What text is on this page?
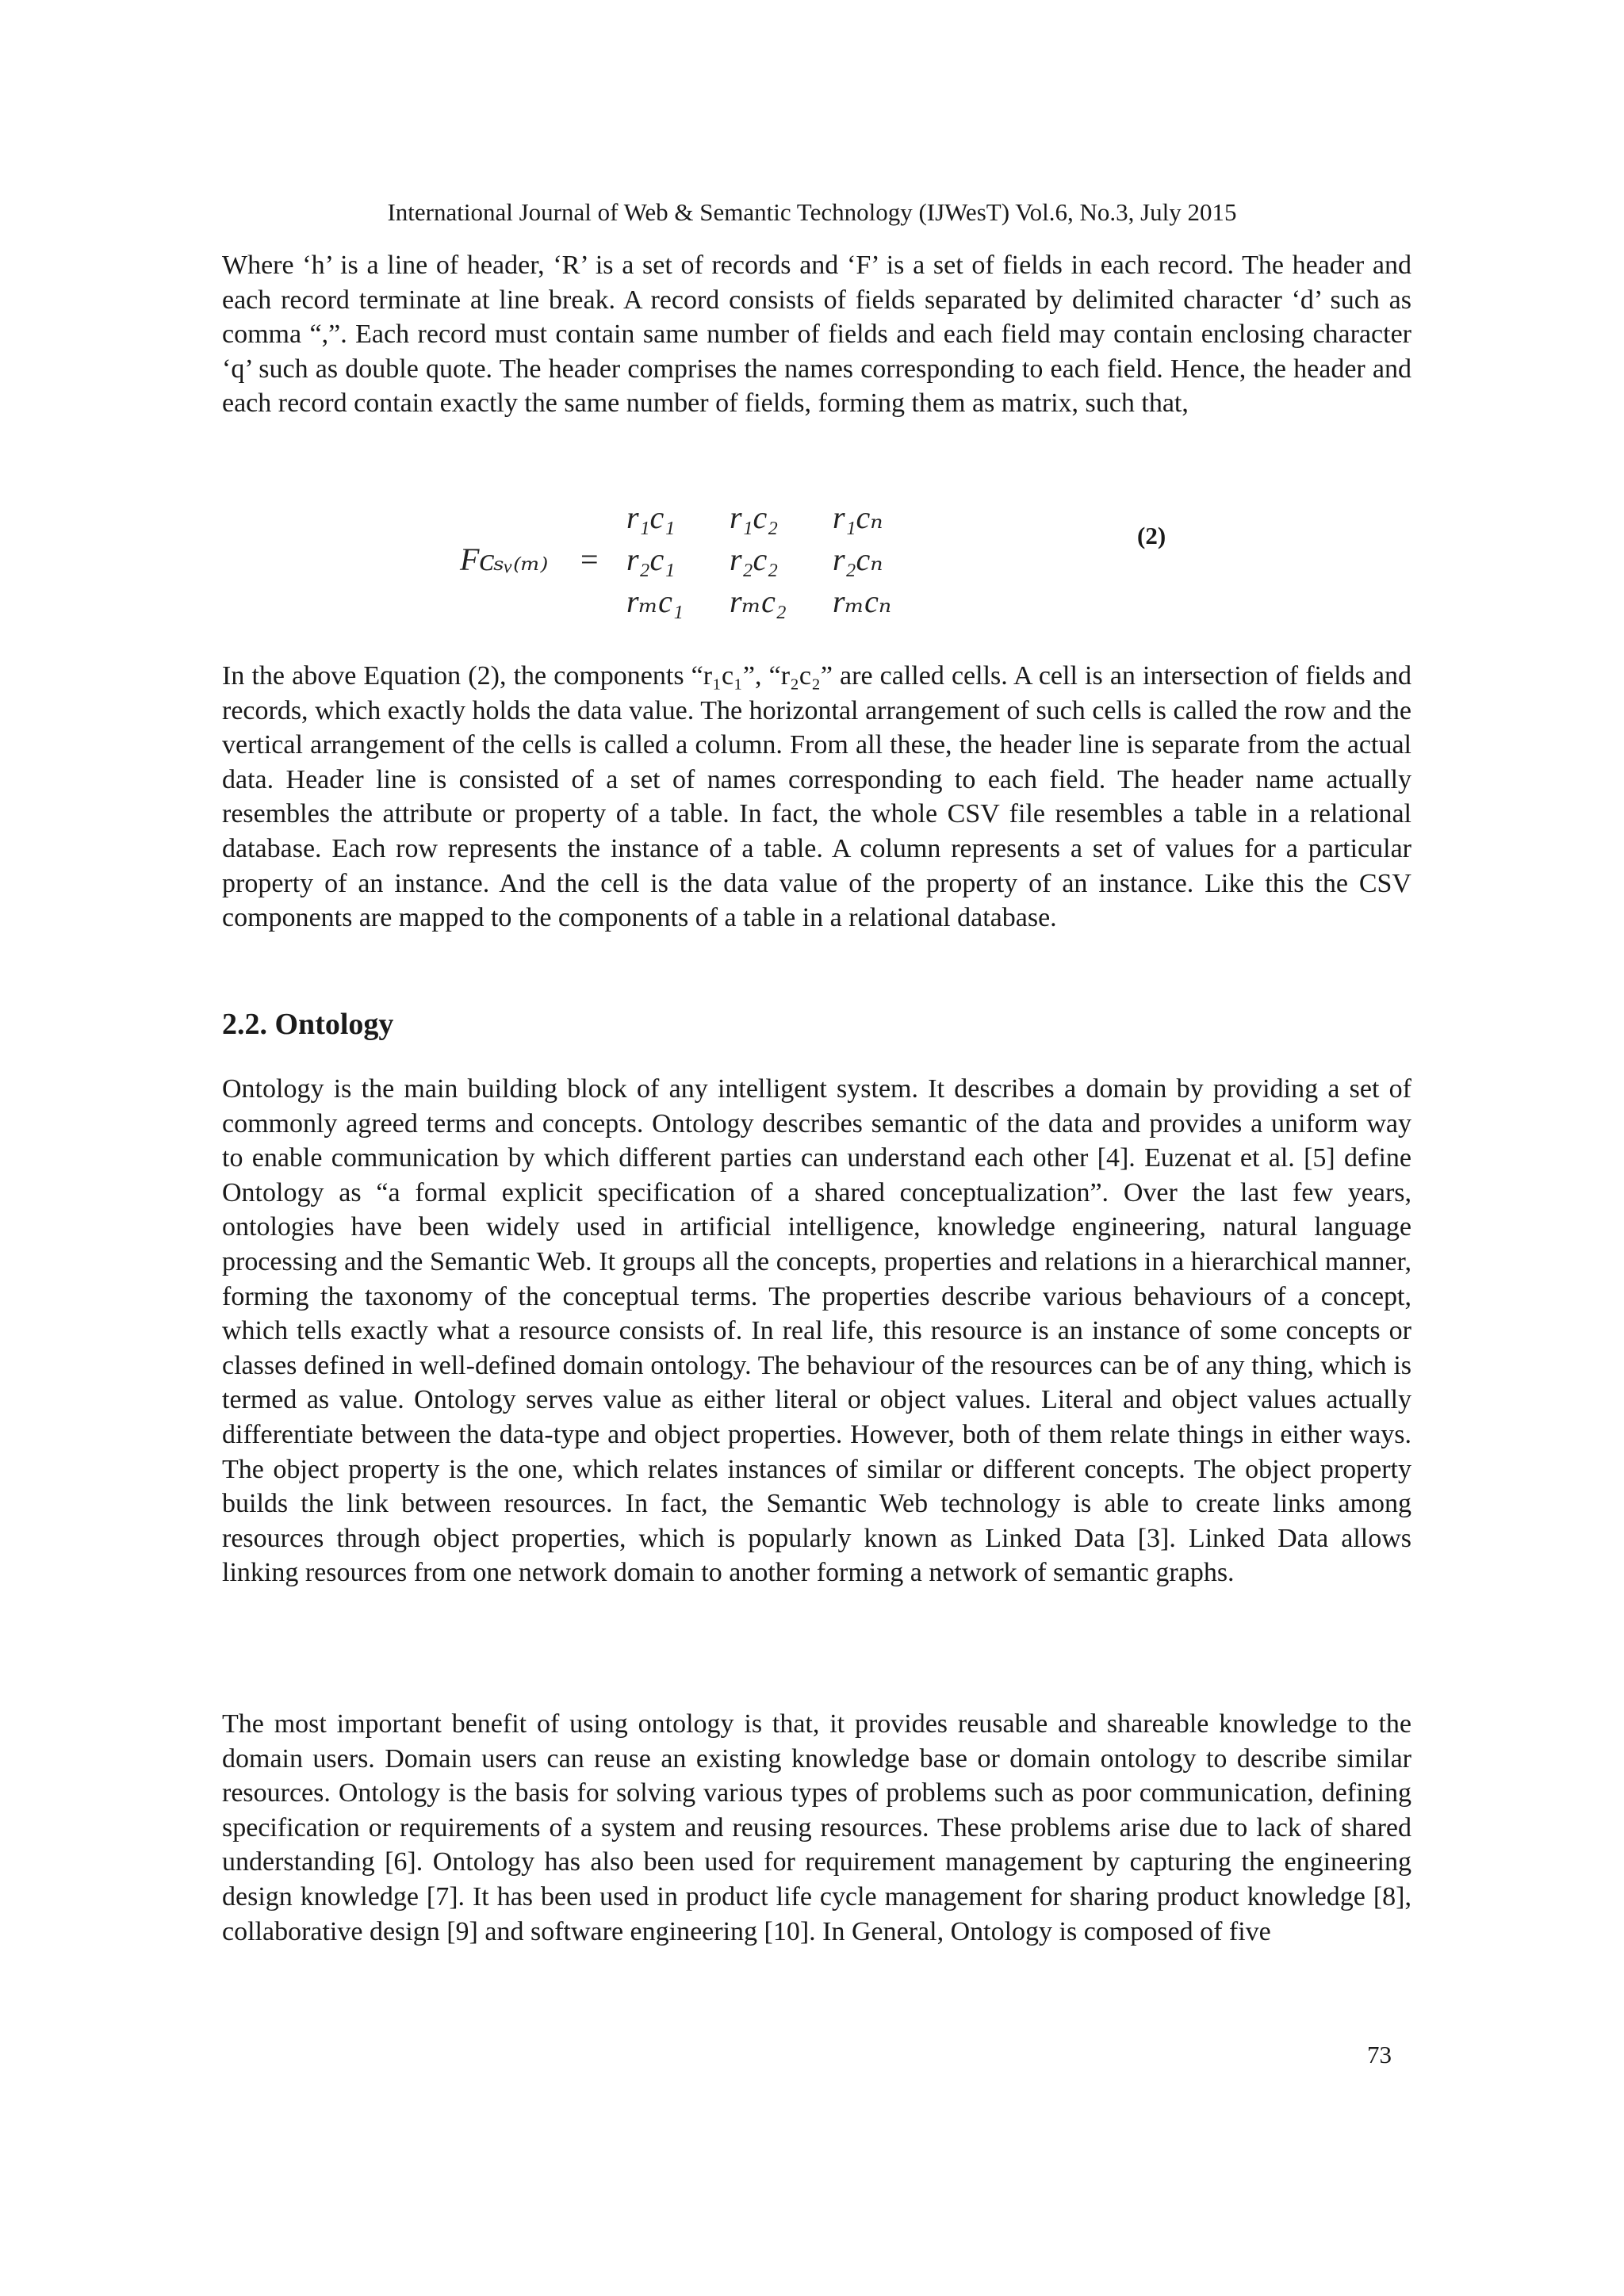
International Journal of Web & Semantic Technology (IJWesT) Vol.6, No.3, July 2015

Where ‘h’ is a line of header, ‘R’ is a set of records and ‘F’ is a set of fields in each record. The header and each record terminate at line break. A record consists of fields separated by delimited character ‘d’ such as comma “,”. Each record must contain same number of fields and each field may contain enclosing character ‘q’ such as double quote. The header comprises the names corresponding to each field. Hence, the header and each record contain exactly the same number of fields, forming them as matrix, such that,

Fᴄₛᵥ₍ₘ₎ =
r₁c₁ r₁c₂ r₁cₙ
r₂c₁ r₂c₂ r₂cₙ
rₘc₁ rₘc₂ rₘcₙ
(2)

In the above Equation (2), the components “r₁c₁”, “r₂c₂” are called cells. A cell is an intersection of fields and records, which exactly holds the data value. The horizontal arrangement of such cells is called the row and the vertical arrangement of the cells is called a column. From all these, the header line is separate from the actual data. Header line is consisted of a set of names corresponding to each field. The header name actually resembles the attribute or property of a table. In fact, the whole CSV file resembles a table in a relational database. Each row represents the instance of a table. A column represents a set of values for a particular property of an instance. And the cell is the data value of the property of an instance. Like this the CSV components are mapped to the components of a table in a relational database.

2.2. Ontology

Ontology is the main building block of any intelligent system. It describes a domain by providing a set of commonly agreed terms and concepts. Ontology describes semantic of the data and provides a uniform way to enable communication by which different parties can understand each other [4]. Euzenat et al. [5] define Ontology as “a formal explicit specification of a shared conceptualization”. Over the last few years, ontologies have been widely used in artificial intelligence, knowledge engineering, natural language processing and the Semantic Web. It groups all the concepts, properties and relations in a hierarchical manner, forming the taxonomy of the conceptual terms. The properties describe various behaviours of a concept, which tells exactly what a resource consists of. In real life, this resource is an instance of some concepts or classes defined in well-defined domain ontology. The behaviour of the resources can be of any thing, which is termed as value. Ontology serves value as either literal or object values. Literal and object values actually differentiate between the data-type and object properties. However, both of them relate things in either ways. The object property is the one, which relates instances of similar or different concepts. The object property builds the link between resources. In fact, the Semantic Web technology is able to create links among resources through object properties, which is popularly known as Linked Data [3]. Linked Data allows linking resources from one network domain to another forming a network of semantic graphs.

The most important benefit of using ontology is that, it provides reusable and shareable knowledge to the domain users. Domain users can reuse an existing knowledge base or domain ontology to describe similar resources. Ontology is the basis for solving various types of problems such as poor communication, defining specification or requirements of a system and reusing resources. These problems arise due to lack of shared understanding [6]. Ontology has also been used for requirement management by capturing the engineering design knowledge [7]. It has been used in product life cycle management for sharing product knowledge [8], collaborative design [9] and software engineering [10]. In General, Ontology is composed of five

73
